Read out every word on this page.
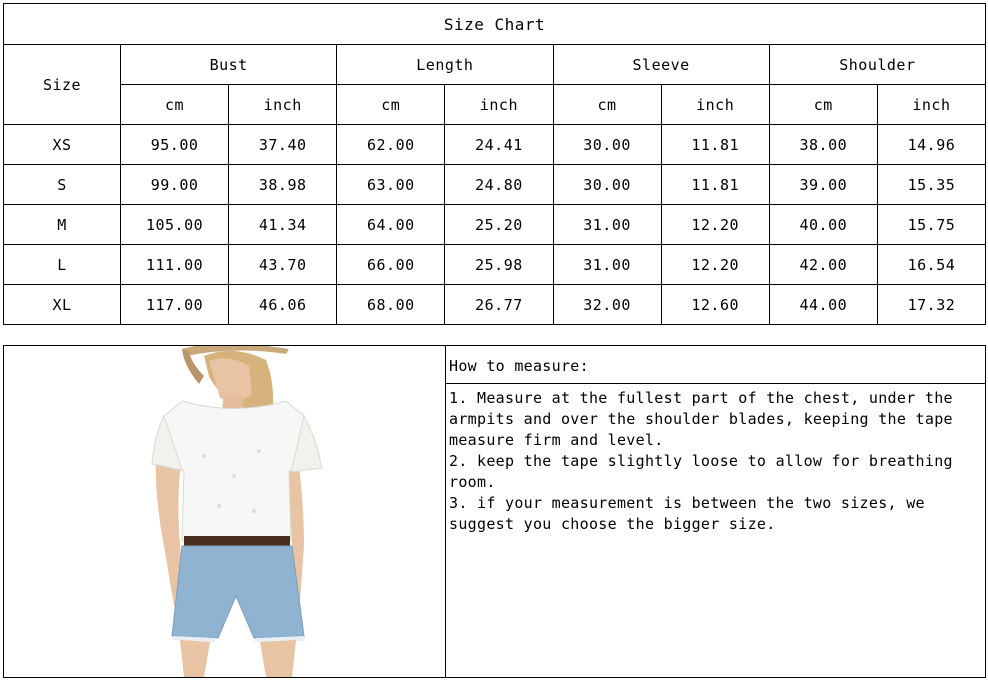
Size Chart								
Size	Bust		Length		Sleeve		Shoulder	
	cm	inch	cm	inch	cm	inch	cm	inch
XS	95.00	37.40	62.00	24.41	30.00	11.81	38.00	14.96
S	99.00	38.98	63.00	24.80	30.00	11.81	39.00	15.35
M	105.00	41.34	64.00	25.20	31.00	12.20	40.00	15.75
L	111.00	43.70	66.00	25.98	31.00	12.20	42.00	16.54
XL	117.00	46.06	68.00	26.77	32.00	12.60	44.00	17.32
How to measure:

1. Measure at the fullest part of the chest, under the armpits and over the shoulder blades, keeping the tape measure firm and level.

2. keep the tape slightly loose to allow for breathing room.

3. if your measurement is between the two sizes, we suggest you choose the bigger size.
